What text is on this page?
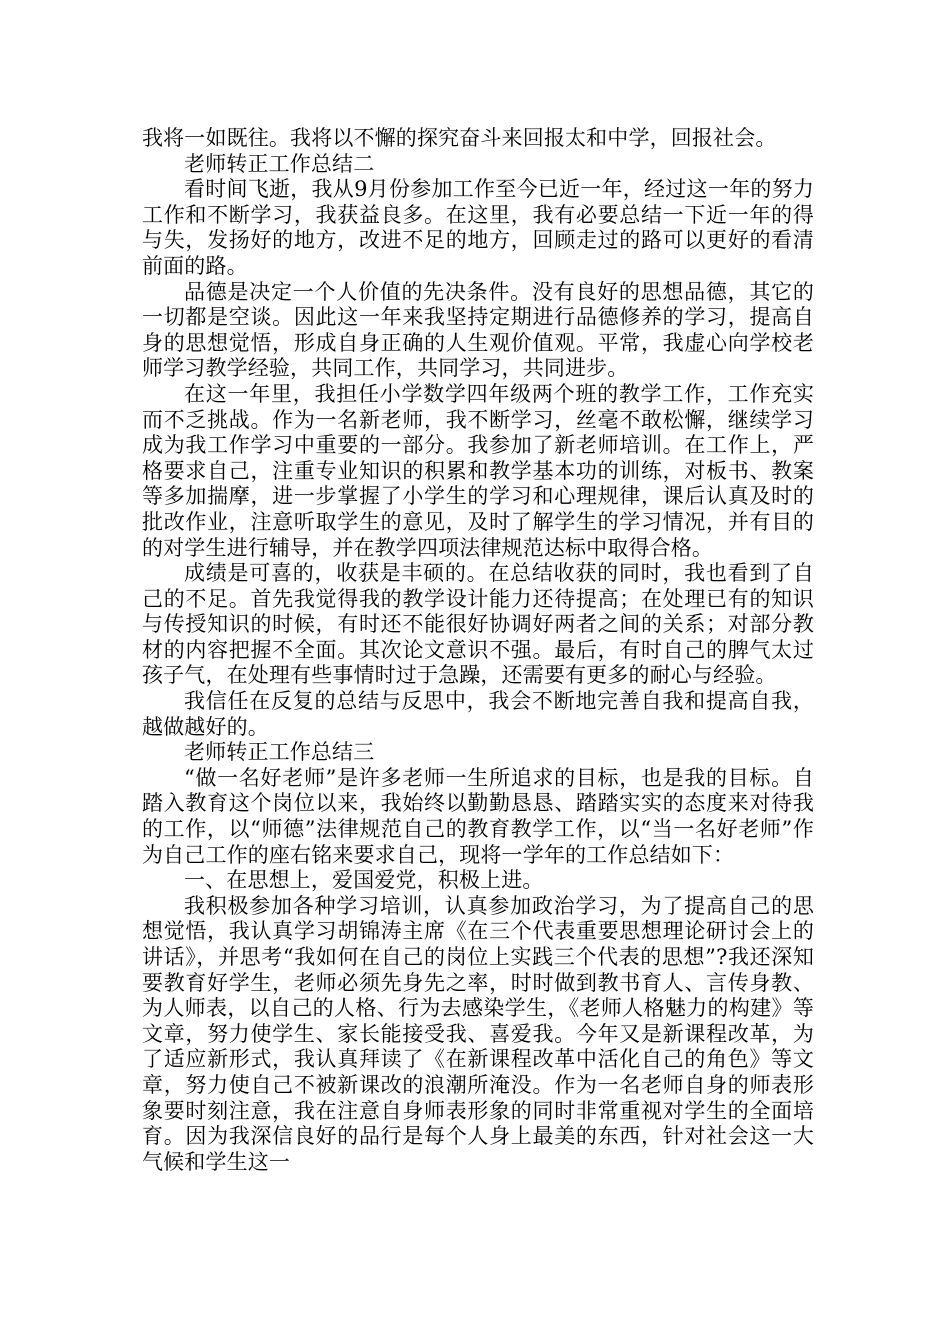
我将一如既往。我将以不懈的探究奋斗来回报太和中学，回报社会。

老师转正工作总结二

看时间飞逝，我从9月份参加工作至今已近一年，经过这一年的努力工作和不断学习，我获益良多。在这里，我有必要总结一下近一年的得与失，发扬好的地方，改进不足的地方，回顾走过的路可以更好的看清前面的路。

品德是决定一个人价值的先决条件。没有良好的思想品德，其它的一切都是空谈。因此这一年来我坚持定期进行品德修养的学习，提高自身的思想觉悟，形成自身正确的人生观价值观。平常，我虚心向学校老师学习教学经验，共同工作，共同学习，共同进步。

在这一年里，我担任小学数学四年级两个班的教学工作，工作充实而不乏挑战。作为一名新老师，我不断学习，丝毫不敢松懈，继续学习成为我工作学习中重要的一部分。我参加了新老师培训。在工作上，严格要求自己，注重专业知识的积累和教学基本功的训练，对板书、教案等多加揣摩，进一步掌握了小学生的学习和心理规律，课后认真及时的批改作业，注意听取学生的意见，及时了解学生的学习情况，并有目的的对学生进行辅导，并在教学四项法律规范达标中取得合格。

成绩是可喜的，收获是丰硕的。在总结收获的同时，我也看到了自己的不足。首先我觉得我的教学设计能力还待提高；在处理已有的知识与传授知识的时候，有时还不能很好协调好两者之间的关系；对部分教材的内容把握不全面。其次论文意识不强。最后，有时自己的脾气太过孩子气，在处理有些事情时过于急躁，还需要有更多的耐心与经验。

我信任在反复的总结与反思中，我会不断地完善自我和提高自我，越做越好的。

老师转正工作总结三

“做一名好老师”是许多老师一生所追求的目标，也是我的目标。自踏入教育这个岗位以来，我始终以勤勤恳恳、踏踏实实的态度来对待我的工作，以“师德”法律规范自己的教育教学工作，以“当一名好老师”作为自己工作的座右铭来要求自己，现将一学年的工作总结如下：

一、在思想上，爱国爱党，积极上进。

我积极参加各种学习培训，认真参加政治学习，为了提高自己的思想觉悟，我认真学习胡锦涛主席《在三个代表重要思想理论研讨会上的讲话》，并思考“我如何在自己的岗位上实践三个代表的思想”?我还深知要教育好学生，老师必须先身先之率，时时做到教书育人、言传身教、为人师表，以自己的人格、行为去感染学生，《老师人格魅力的构建》等文章，努力使学生、家长能接受我、喜爱我。今年又是新课程改革，为了适应新形式，我认真拜读了《在新课程改革中活化自己的角色》等文章，努力使自己不被新课改的浪潮所淹没。作为一名老师自身的师表形象要时刻注意，我在注意自身师表形象的同时非常重视对学生的全面培育。因为我深信良好的品行是每个人身上最美的东西，针对社会这一大气候和学生这一
